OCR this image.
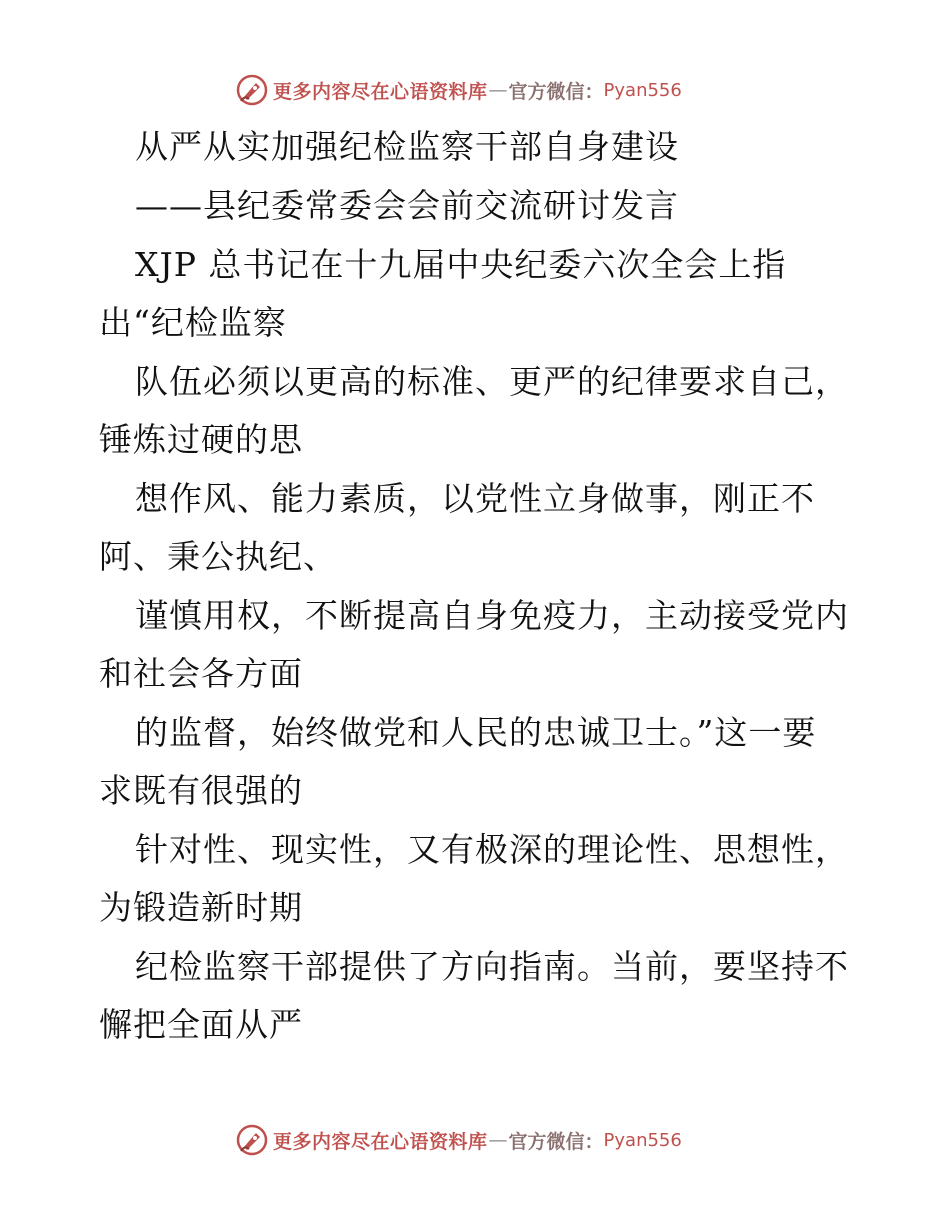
更多内容尽在心语资料库 — 官方微信： Pyan556
从严从实加强纪检监察干部自身建设
——县纪委常委会会前交流研讨发言
XJP 总书记在十九届中央纪委六次全会上指
出“纪检监察
队伍必须以更高的标准、更严的纪律要求自己，
锤炼过硬的思
想作风、能力素质，以党性立身做事，刚正不
阿、秉公执纪、
谨慎用权，不断提高自身免疫力，主动接受党内
和社会各方面
的监督，始终做党和人民的忠诚卫士。”这一要
求既有很强的
针对性、现实性，又有极深的理论性、思想性，
为锻造新时期
纪检监察干部提供了方向指南。当前，要坚持不
懈把全面从严
更多内容尽在心语资料库 — 官方微信： Pyan556
